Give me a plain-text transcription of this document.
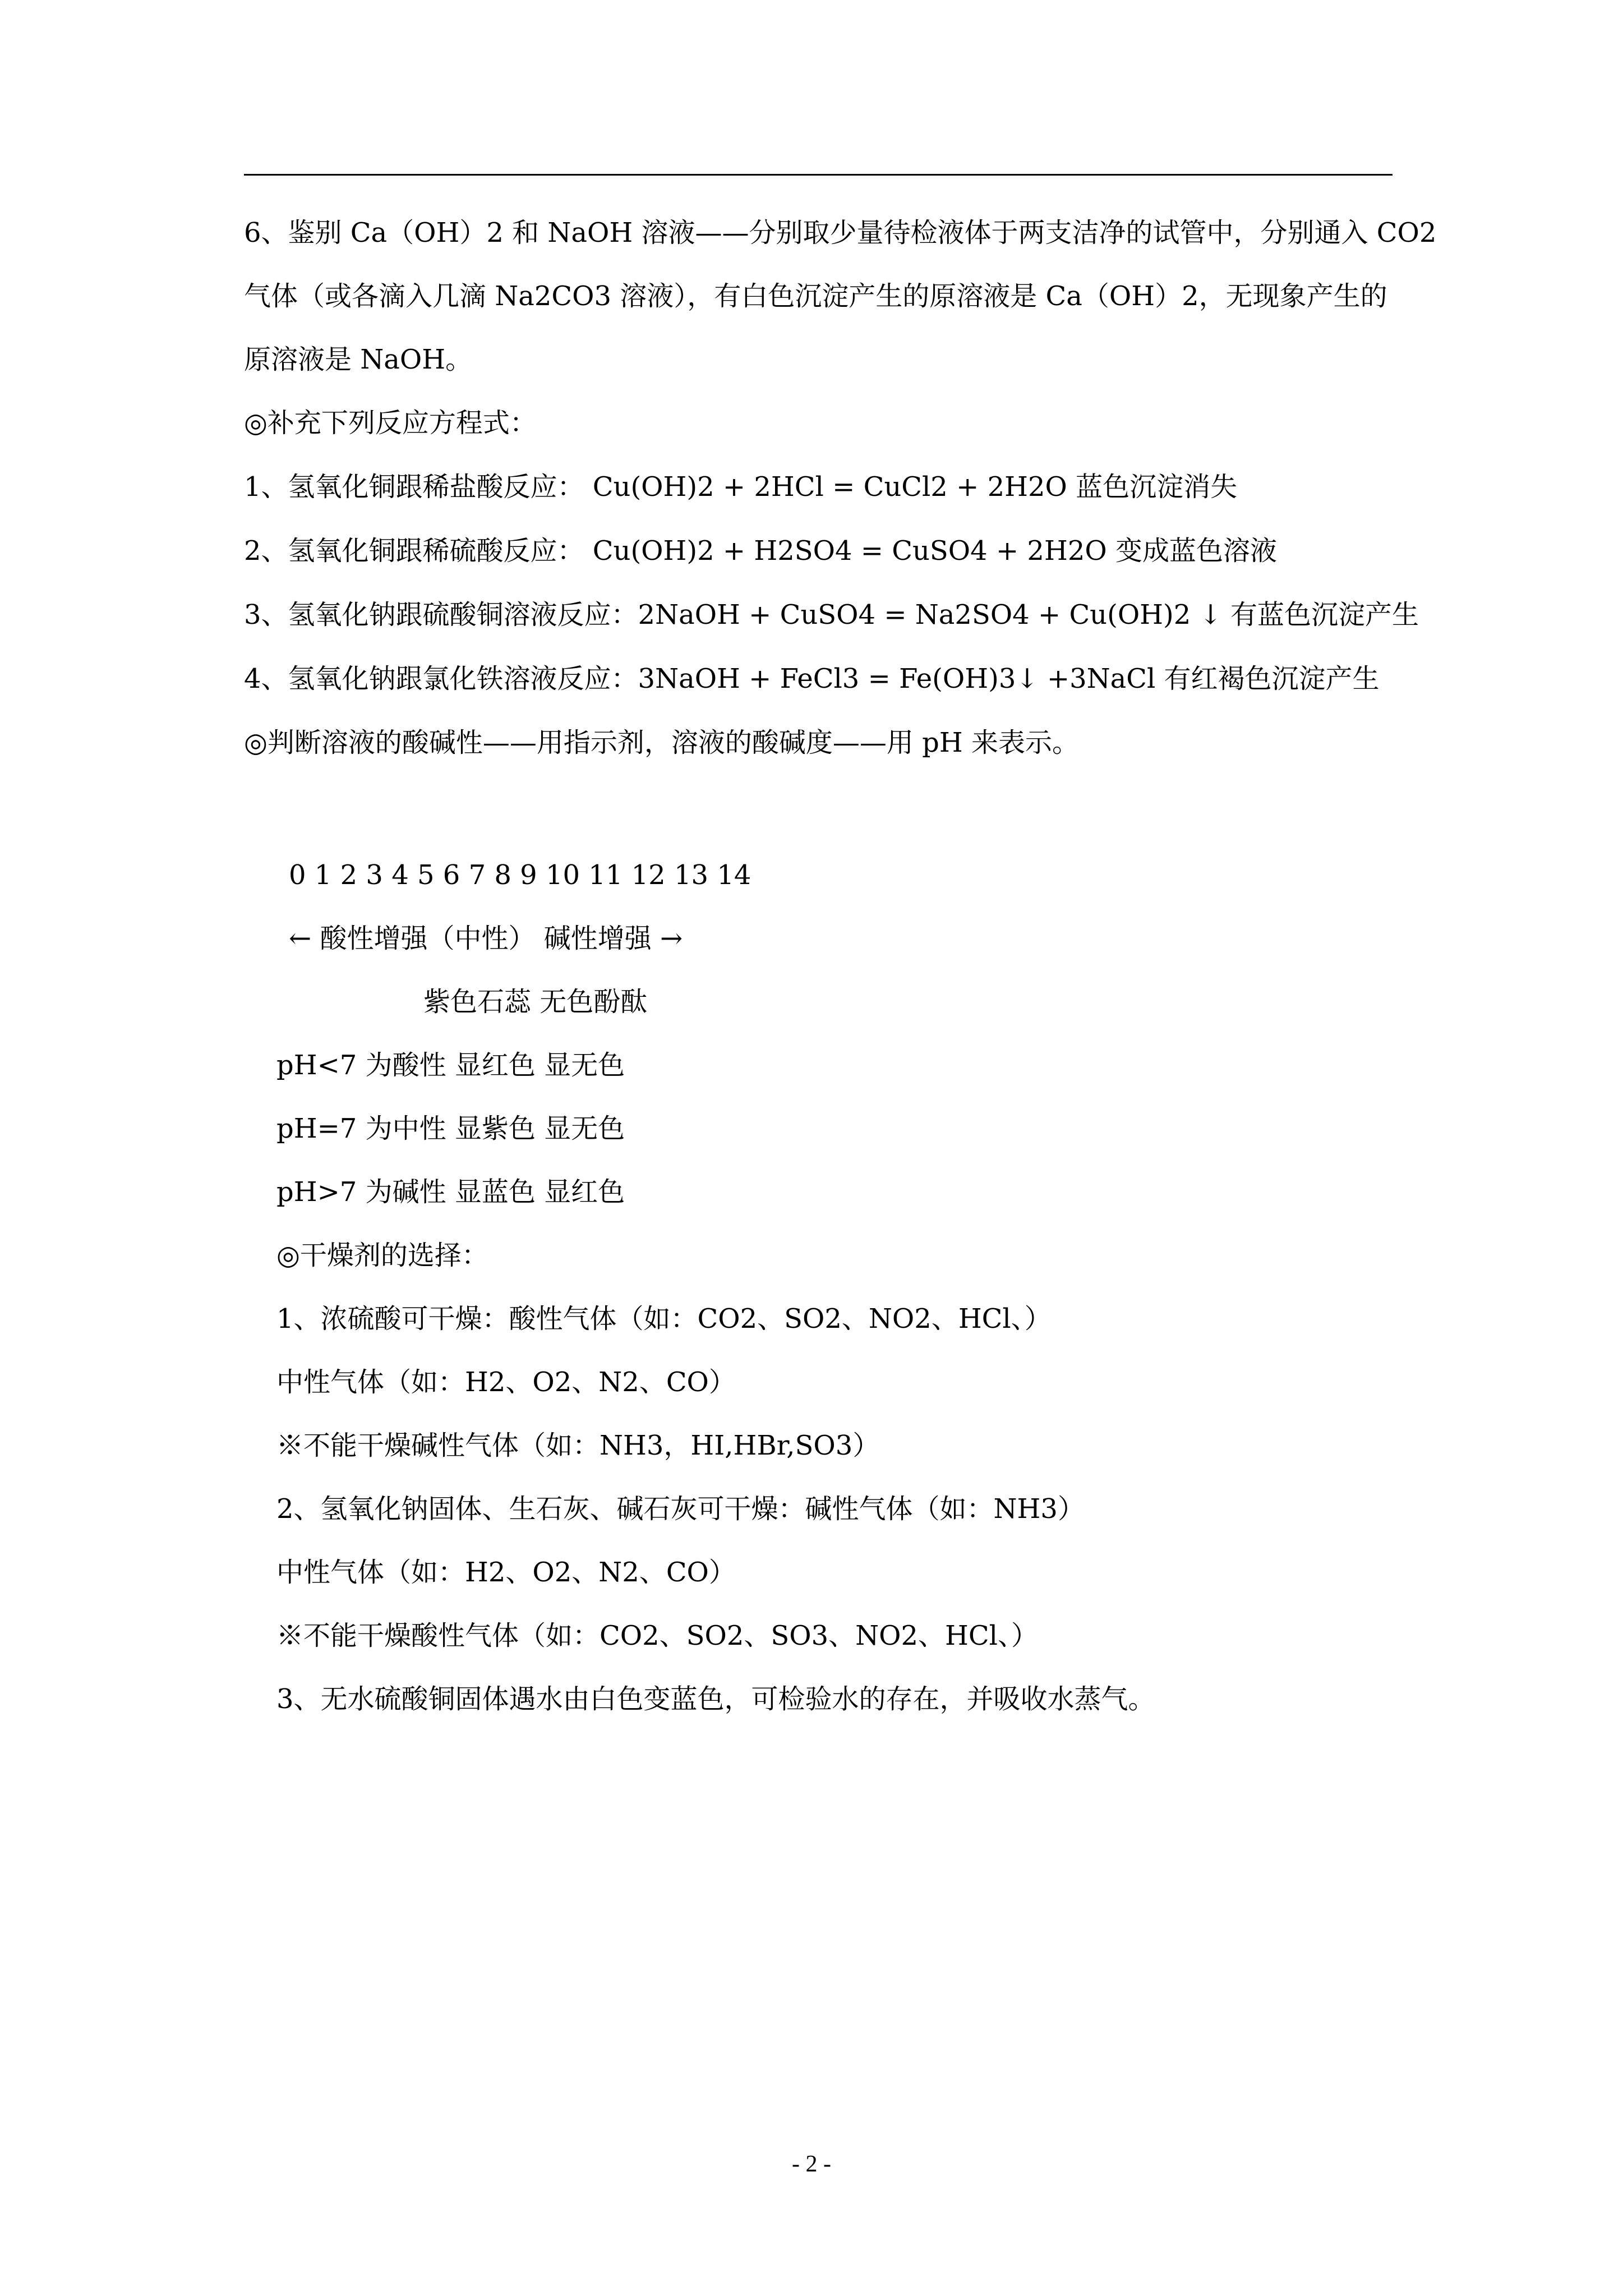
6、鉴别 Ca（OH）2 和 NaOH 溶液——分别取少量待检液体于两支洁净的试管中，分别通入 CO2
气体（或各滴入几滴 Na2CO3 溶液），有白色沉淀产生的原溶液是 Ca（OH）2，无现象产生的
原溶液是 NaOH。
◎补充下列反应方程式：
1、氢氧化铜跟稀盐酸反应： Cu(OH)2 + 2HCl = CuCl2 + 2H2O 蓝色沉淀消失
2、氢氧化铜跟稀硫酸反应： Cu(OH)2 + H2SO4 = CuSO4 + 2H2O 变成蓝色溶液
3、氢氧化钠跟硫酸铜溶液反应：2NaOH + CuSO4 = Na2SO4 + Cu(OH)2 ↓ 有蓝色沉淀产生
4、氢氧化钠跟氯化铁溶液反应：3NaOH + FeCl3 = Fe(OH)3↓ +3NaCl 有红褐色沉淀产生
◎判断溶液的酸碱性——用指示剂，溶液的酸碱度——用 pH 来表示。
0 1 2 3 4 5 6 7 8 9 10 11 12 13 14
← 酸性增强（中性） 碱性增强 →
紫色石蕊 无色酚酞
pH<7 为酸性 显红色 显无色
pH=7 为中性 显紫色 显无色
pH>7 为碱性 显蓝色 显红色
◎干燥剂的选择：
1、浓硫酸可干燥：酸性气体（如：CO2、SO2、NO2、HCl、）
中性气体（如：H2、O2、N2、CO）
※不能干燥碱性气体（如：NH3，HI,HBr,SO3）
2、氢氧化钠固体、生石灰、碱石灰可干燥：碱性气体（如：NH3）
中性气体（如：H2、O2、N2、CO）
※不能干燥酸性气体（如：CO2、SO2、SO3、NO2、HCl、）
3、无水硫酸铜固体遇水由白色变蓝色，可检验水的存在，并吸收水蒸气。
- 2 -
